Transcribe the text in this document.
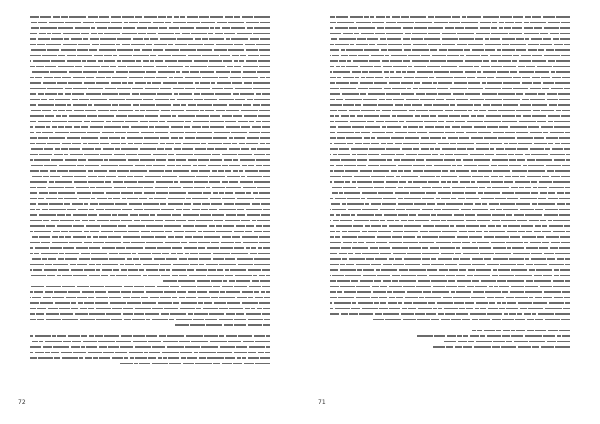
72	71
